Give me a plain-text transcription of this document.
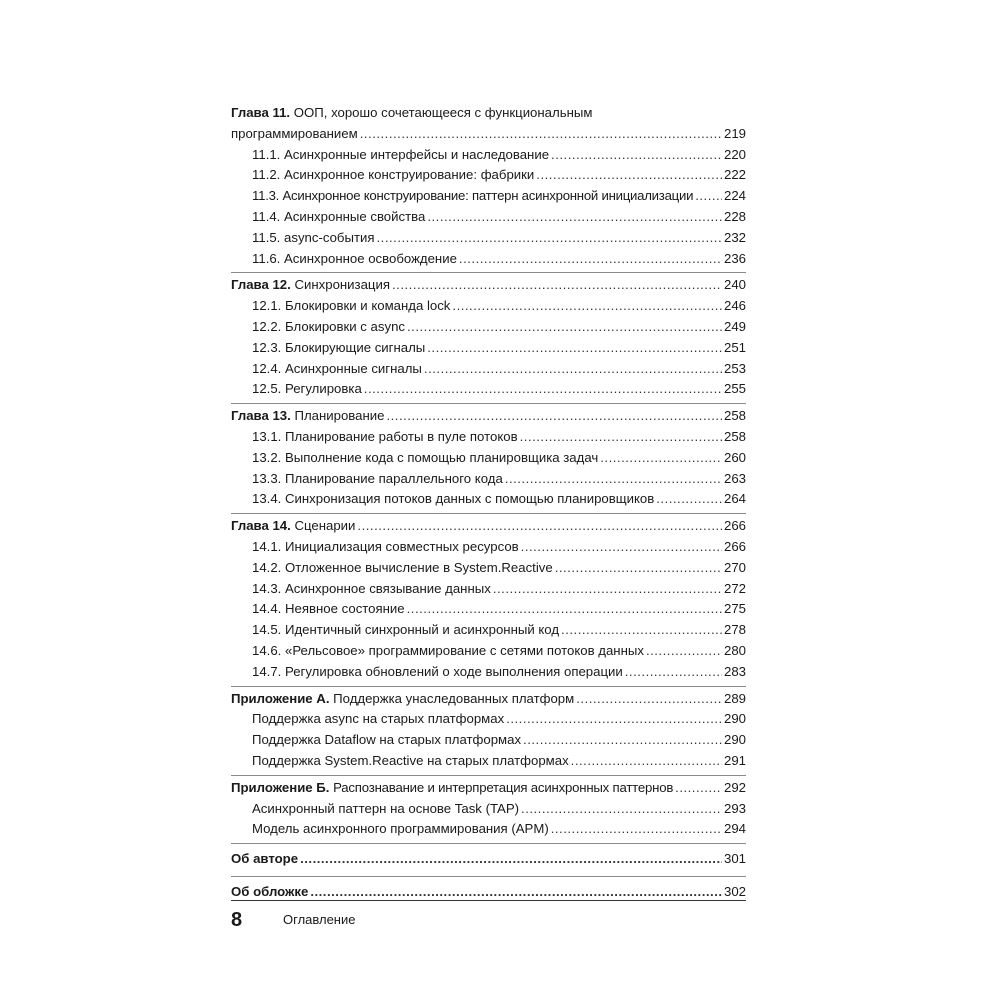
Глава 11. ООП, хорошо сочетающееся с функциональным
программированием .....	219
11.1. Асинхронные интерфейсы и наследование .....	220
11.2. Асинхронное конструирование: фабрики .....	222
11.3. Асинхронное конструирование: паттерн асинхронной инициализации ..... 224
11.4. Асинхронные свойства .....	228
11.5. async-события .....	232
11.6. Асинхронное освобождение .....	236
Глава 12. Синхронизация .....	240
12.1. Блокировки и команда lock .....	246
12.2. Блокировки с async .....	249
12.3. Блокирующие сигналы .....	251
12.4. Асинхронные сигналы .....	253
12.5. Регулировка .....	255
Глава 13. Планирование .....	258
13.1. Планирование работы в пуле потоков .....	258
13.2. Выполнение кода с помощью планировщика задач .....	260
13.3. Планирование параллельного кода .....	263
13.4. Синхронизация потоков данных с помощью планировщиков .....	264
Глава 14. Сценарии .....	266
14.1. Инициализация совместных ресурсов .....	266
14.2. Отложенное вычисление в System.Reactive .....	270
14.3. Асинхронное связывание данных .....	272
14.4. Неявное состояние .....	275
14.5. Идентичный синхронный и асинхронный код .....	278
14.6. «Рельсовое» программирование с сетями потоков данных .....	280
14.7. Регулировка обновлений о ходе выполнения операции .....	283
Приложение А. Поддержка унаследованных платформ .....	289
Поддержка async на старых платформах .....	290
Поддержка Dataflow на старых платформах .....	290
Поддержка System.Reactive на старых платформах .....	291
Приложение Б. Распознавание и интерпретация асинхронных паттернов .....	292
Асинхронный паттерн на основе Task (TAP) .....	293
Модель асинхронного программирования (APM) .....	294
Об авторе .....	301
Об обложке .....	302
8	Оглавление
